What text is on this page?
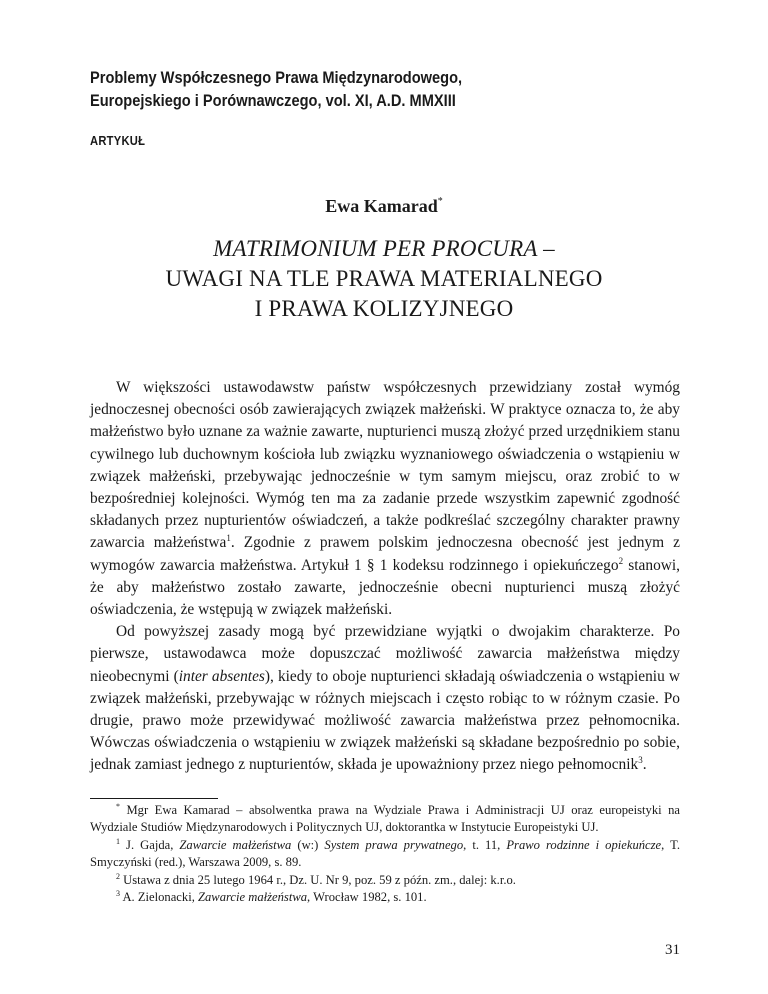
Problemy Współczesnego Prawa Międzynarodowego,
Europejskiego i Porównawczego, vol. XI, A.D. MMXIII
ARTYKUŁ
Ewa Kamarad*
MATRIMONIUM PER PROCURA –
UWAGI NA TLE PRAWA MATERIALNEGO
I PRAWA KOLIZYJNEGO

W większości ustawodawstw państw współczesnych przewidziany został wymóg jednoczesnej obecności osób zawierających związek małżeński. W praktyce oznacza to, że aby małżeństwo było uznane za ważnie zawarte, nupturienci muszą złożyć przed urzędnikiem stanu cywilnego lub duchownym kościoła lub związku wyznaniowego oświadczenia o wstąpieniu w związek małżeński, przebywając jednocześnie w tym samym miejscu, oraz zrobić to w bezpośredniej kolejności. Wymóg ten ma za zadanie przede wszystkim zapewnić zgodność składanych przez nupturientów oświadczeń, a także podkreślać szczególny charakter prawny zawarcia małżeństwa$^1$. Zgodnie z prawem polskim jednoczesna obecność jest jednym z wymogów zawarcia małżeństwa. Artykuł 1 § 1 kodeksu rodzinnego i opiekuńczego$^2$ stanowi, że aby małżeństwo zostało zawarte, jednocześnie obecni nupturienci muszą złożyć oświadczenia, że wstępują w związek małżeński.

Od powyższej zasady mogą być przewidziane wyjątki o dwojakim charakterze. Po pierwsze, ustawodawca może dopuszczać możliwość zawarcia małżeństwa między nieobecnymi (inter absentes), kiedy to oboje nupturienci składają oświadczenia o wstąpieniu w związek małżeński, przebywając w różnych miejscach i często robiąc to w różnym czasie. Po drugie, prawo może przewidywać możliwość zawarcia małżeństwa przez pełnomocnika. Wówczas oświadczenia o wstąpieniu w związek małżeński są składane bezpośrednio po sobie, jednak zamiast jednego z nupturientów, składa je upoważniony przez niego pełnomocnik$^3$.

* Mgr Ewa Kamarad – absolwentka prawa na Wydziale Prawa i Administracji UJ oraz europeistyki na Wydziale Studiów Międzynarodowych i Politycznych UJ, doktorantka w Instytucie Europeistyki UJ.

$^1$ J. Gajda, Zawarcie małżeństwa (w:) System prawa prywatnego, t. 11, Prawo rodzinne i opiekuńcze, T. Smyczyński (red.), Warszawa 2009, s. 89.

$^2$ Ustawa z dnia 25 lutego 1964 r., Dz. U. Nr 9, poz. 59 z późn. zm., dalej: k.r.o.

$^3$ A. Zielonacki, Zawarcie małżeństwa, Wrocław 1982, s. 101.

31
